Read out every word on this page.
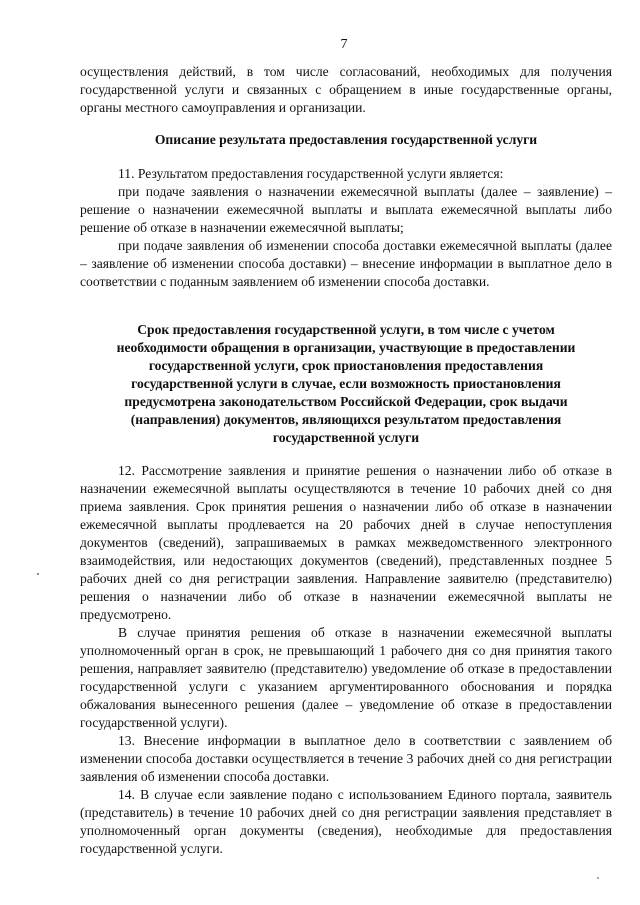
7

осуществления действий, в том числе согласований, необходимых для получения государственной услуги и связанных с обращением в иные государственные органы, органы местного самоуправления и организации.

Описание результата предоставления государственной услуги

11. Результатом предоставления государственной услуги является:

при подаче заявления о назначении ежемесячной выплаты (далее – заявление) – решение о назначении ежемесячной выплаты и выплата ежемесячной выплаты либо решение об отказе в назначении ежемесячной выплаты;

при подаче заявления об изменении способа доставки ежемесячной выплаты (далее – заявление об изменении способа доставки) – внесение информации в выплатное дело в соответствии с поданным заявлением об изменении способа доставки.

Срок предоставления государственной услуги, в том числе с учетом необходимости обращения в организации, участвующие в предоставлении государственной услуги, срок приостановления предоставления государственной услуги в случае, если возможность приостановления предусмотрена законодательством Российской Федерации, срок выдачи (направления) документов, являющихся результатом предоставления государственной услуги

12. Рассмотрение заявления и принятие решения о назначении либо об отказе в назначении ежемесячной выплаты осуществляются в течение 10 рабочих дней со дня приема заявления. Срок принятия решения о назначении либо об отказе в назначении ежемесячной выплаты продлевается на 20 рабочих дней в случае непоступления документов (сведений), запрашиваемых в рамках межведомственного электронного взаимодействия, или недостающих документов (сведений), представленных позднее 5 рабочих дней со дня регистрации заявления. Направление заявителю (представителю) решения о назначении либо об отказе в назначении ежемесячной выплаты не предусмотрено.

В случае принятия решения об отказе в назначении ежемесячной выплаты уполномоченный орган в срок, не превышающий 1 рабочего дня со дня принятия такого решения, направляет заявителю (представителю) уведомление об отказе в предоставлении государственной услуги с указанием аргументированного обоснования и порядка обжалования вынесенного решения (далее – уведомление об отказе в предоставлении государственной услуги).

13. Внесение информации в выплатное дело в соответствии с заявлением об изменении способа доставки осуществляется в течение 3 рабочих дней со дня регистрации заявления об изменении способа доставки.

14. В случае если заявление подано с использованием Единого портала, заявитель (представитель) в течение 10 рабочих дней со дня регистрации заявления представляет в уполномоченный орган документы (сведения), необходимые для предоставления государственной услуги.
